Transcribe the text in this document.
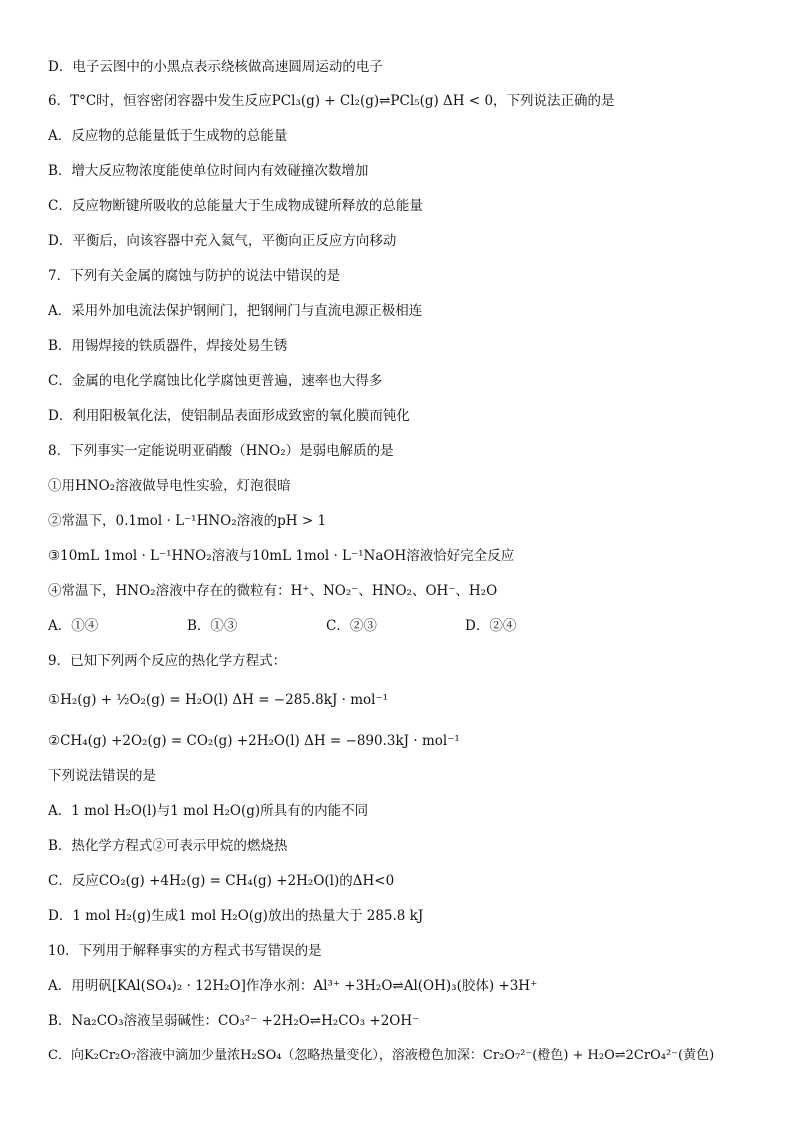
D．电子云图中的小黑点表示绕核做高速圆周运动的电子
6．T°C时，恒容密闭容器中发生反应PCl₃(g) + Cl₂(g)⇌PCl₅(g) ΔH < 0，下列说法正确的是
A．反应物的总能量低于生成物的总能量
B．增大反应物浓度能使单位时间内有效碰撞次数增加
C．反应物断键所吸收的总能量大于生成物成键所释放的总能量
D．平衡后，向该容器中充入氦气，平衡向正反应方向移动
7．下列有关金属的腐蚀与防护的说法中错误的是
A．采用外加电流法保护钢闸门，把钢闸门与直流电源正极相连
B．用锡焊接的铁质器件，焊接处易生锈
C．金属的电化学腐蚀比化学腐蚀更普遍，速率也大得多
D．利用阳极氧化法，使铝制品表面形成致密的氧化膜而钝化
8．下列事实一定能说明亚硝酸（HNO₂）是弱电解质的是
①用HNO₂溶液做导电性实验，灯泡很暗
②常温下，0.1mol · L⁻¹HNO₂溶液的pH > 1
③10mL 1mol · L⁻¹HNO₂溶液与10mL 1mol · L⁻¹NaOH溶液恰好完全反应
④常温下，HNO₂溶液中存在的微粒有：H⁺、NO₂⁻、HNO₂、OH⁻、H₂O
A．①④	B．①③	C．②③	D．②④
9．已知下列两个反应的热化学方程式：
①H₂(g) + ½O₂(g) = H₂O(l) ΔH = −285.8kJ · mol⁻¹
②CH₄(g) +2O₂(g) = CO₂(g) +2H₂O(l) ΔH = −890.3kJ · mol⁻¹
下列说法错误的是
A．1 mol H₂O(l)与1 mol H₂O(g)所具有的内能不同
B．热化学方程式②可表示甲烷的燃烧热
C．反应CO₂(g) +4H₂(g) = CH₄(g) +2H₂O(l)的ΔH<0
D．1 mol H₂(g)生成1 mol H₂O(g)放出的热量大于 285.8 kJ
10．下列用于解释事实的方程式书写错误的是
A．用明矾[KAl(SO₄)₂ · 12H₂O]作净水剂：Al³⁺ +3H₂O⇌Al(OH)₃(胶体) +3H⁺
B．Na₂CO₃溶液呈弱碱性：CO₃²⁻ +2H₂O⇌H₂CO₃ +2OH⁻
C．向K₂Cr₂O₇溶液中滴加少量浓H₂SO₄（忽略热量变化），溶液橙色加深：Cr₂O₇²⁻(橙色) + H₂O⇌2CrO₄²⁻(黄色)
